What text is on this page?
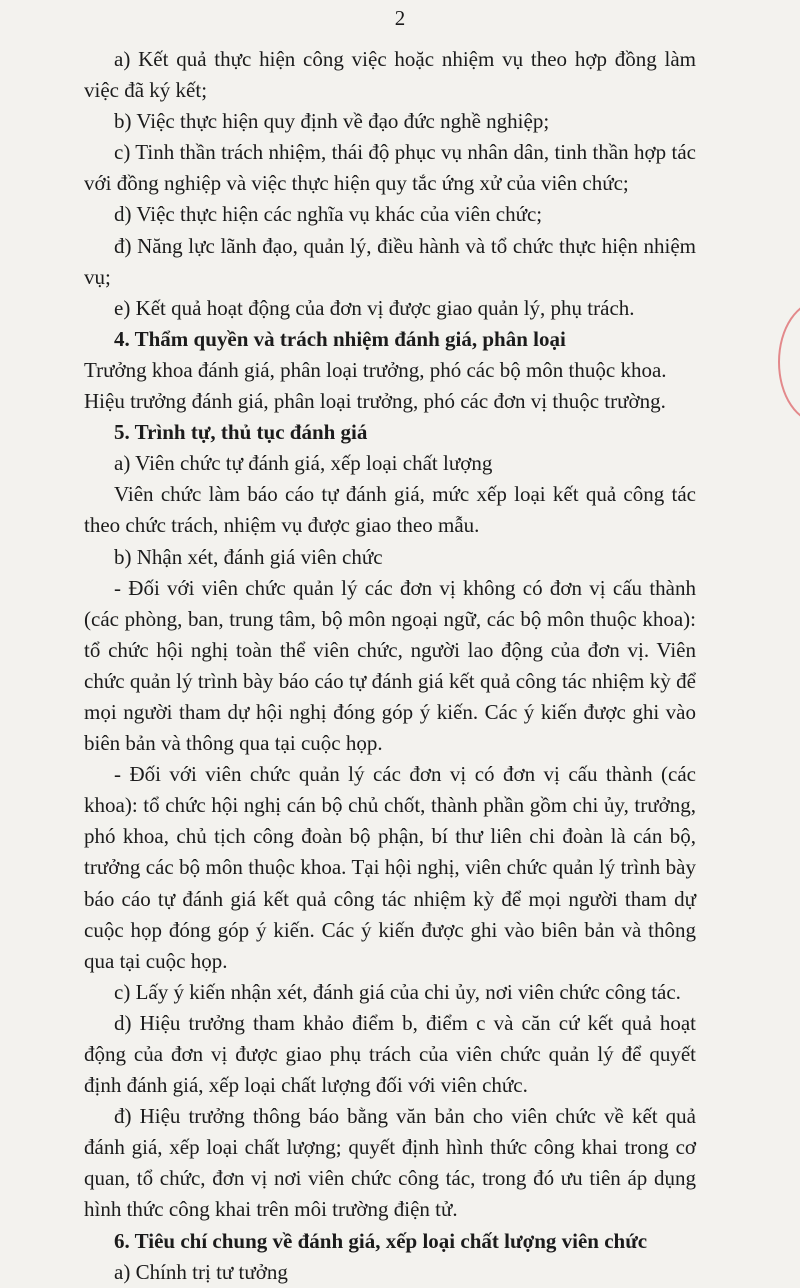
2

a) Kết quả thực hiện công việc hoặc nhiệm vụ theo hợp đồng làm việc đã ký kết;

b) Việc thực hiện quy định về đạo đức nghề nghiệp;

c) Tinh thần trách nhiệm, thái độ phục vụ nhân dân, tinh thần hợp tác với đồng nghiệp và việc thực hiện quy tắc ứng xử của viên chức;

d) Việc thực hiện các nghĩa vụ khác của viên chức;

đ) Năng lực lãnh đạo, quản lý, điều hành và tổ chức thực hiện nhiệm vụ;

e) Kết quả hoạt động của đơn vị được giao quản lý, phụ trách.

4. Thẩm quyền và trách nhiệm đánh giá, phân loại

Trưởng khoa đánh giá, phân loại trưởng, phó các bộ môn thuộc khoa.

Hiệu trưởng đánh giá, phân loại trưởng, phó các đơn vị thuộc trường.

5. Trình tự, thủ tục đánh giá

a) Viên chức tự đánh giá, xếp loại chất lượng

Viên chức làm báo cáo tự đánh giá, mức xếp loại kết quả công tác theo chức trách, nhiệm vụ được giao theo mẫu.

b) Nhận xét, đánh giá viên chức

- Đối với viên chức quản lý các đơn vị không có đơn vị cấu thành (các phòng, ban, trung tâm, bộ môn ngoại ngữ, các bộ môn thuộc khoa): tổ chức hội nghị toàn thể viên chức, người lao động của đơn vị. Viên chức quản lý trình bày báo cáo tự đánh giá kết quả công tác nhiệm kỳ để mọi người tham dự hội nghị đóng góp ý kiến. Các ý kiến được ghi vào biên bản và thông qua tại cuộc họp.

- Đối với viên chức quản lý các đơn vị có đơn vị cấu thành (các khoa): tổ chức hội nghị cán bộ chủ chốt, thành phần gồm chi ủy, trưởng, phó khoa, chủ tịch công đoàn bộ phận, bí thư liên chi đoàn là cán bộ, trưởng các bộ môn thuộc khoa. Tại hội nghị, viên chức quản lý trình bày báo cáo tự đánh giá kết quả công tác nhiệm kỳ để mọi người tham dự cuộc họp đóng góp ý kiến. Các ý kiến được ghi vào biên bản và thông qua tại cuộc họp.

c) Lấy ý kiến nhận xét, đánh giá của chi ủy, nơi viên chức công tác.

d) Hiệu trưởng tham khảo điểm b, điểm c và căn cứ kết quả hoạt động của đơn vị được giao phụ trách của viên chức quản lý để quyết định đánh giá, xếp loại chất lượng đối với viên chức.

đ) Hiệu trưởng thông báo bằng văn bản cho viên chức về kết quả đánh giá, xếp loại chất lượng; quyết định hình thức công khai trong cơ quan, tổ chức, đơn vị nơi viên chức công tác, trong đó ưu tiên áp dụng hình thức công khai trên môi trường điện tử.

6. Tiêu chí chung về đánh giá, xếp loại chất lượng viên chức

a) Chính trị tư tưởng
